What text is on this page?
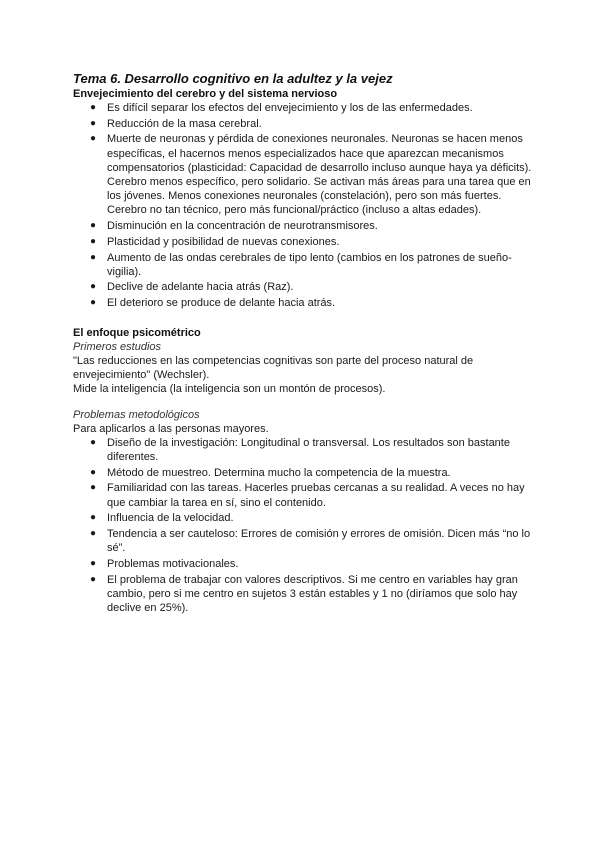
Tema 6. Desarrollo cognitivo en la adultez y la vejez

Envejecimiento del cerebro y del sistema nervioso

● Es difícil separar los efectos del envejecimiento y los de las enfermedades.
● Reducción de la masa cerebral.
● Muerte de neuronas y pérdida de conexiones neuronales. Neuronas se hacen menos específicas, el hacernos menos especializados hace que aparezcan mecanismos compensatorios (plasticidad: Capacidad de desarrollo incluso aunque haya ya déficits). Cerebro menos específico, pero solidario. Se activan más áreas para una tarea que en los jóvenes. Menos conexiones neuronales (constelación), pero son más fuertes. Cerebro no tan técnico, pero más funcional/práctico (incluso a altas edades).
● Disminución en la concentración de neurotransmisores.
● Plasticidad y posibilidad de nuevas conexiones.
● Aumento de las ondas cerebrales de tipo lento (cambios en los patrones de sueño-vigilia).
● Declive de adelante hacia atrás (Raz).
● El deterioro se produce de delante hacia atrás.

El enfoque psicométrico

Primeros estudios

"Las reducciones en las competencias cognitivas son parte del proceso natural de envejecimiento" (Wechsler).

Mide la inteligencia (la inteligencia son un montón de procesos).

Problemas metodológicos

Para aplicarlos a las personas mayores.

● Diseño de la investigación: Longitudinal o transversal. Los resultados son bastante diferentes.
● Método de muestreo. Determina mucho la competencia de la muestra.
● Familiaridad con las tareas. Hacerles pruebas cercanas a su realidad. A veces no hay que cambiar la tarea en sí, sino el contenido.
● Influencia de la velocidad.
● Tendencia a ser cauteloso: Errores de comisión y errores de omisión. Dicen más “no lo sé”.
● Problemas motivacionales.
● El problema de trabajar con valores descriptivos. Si me centro en variables hay gran cambio, pero si me centro en sujetos 3 están estables y 1 no (diríamos que solo hay declive en 25%).
